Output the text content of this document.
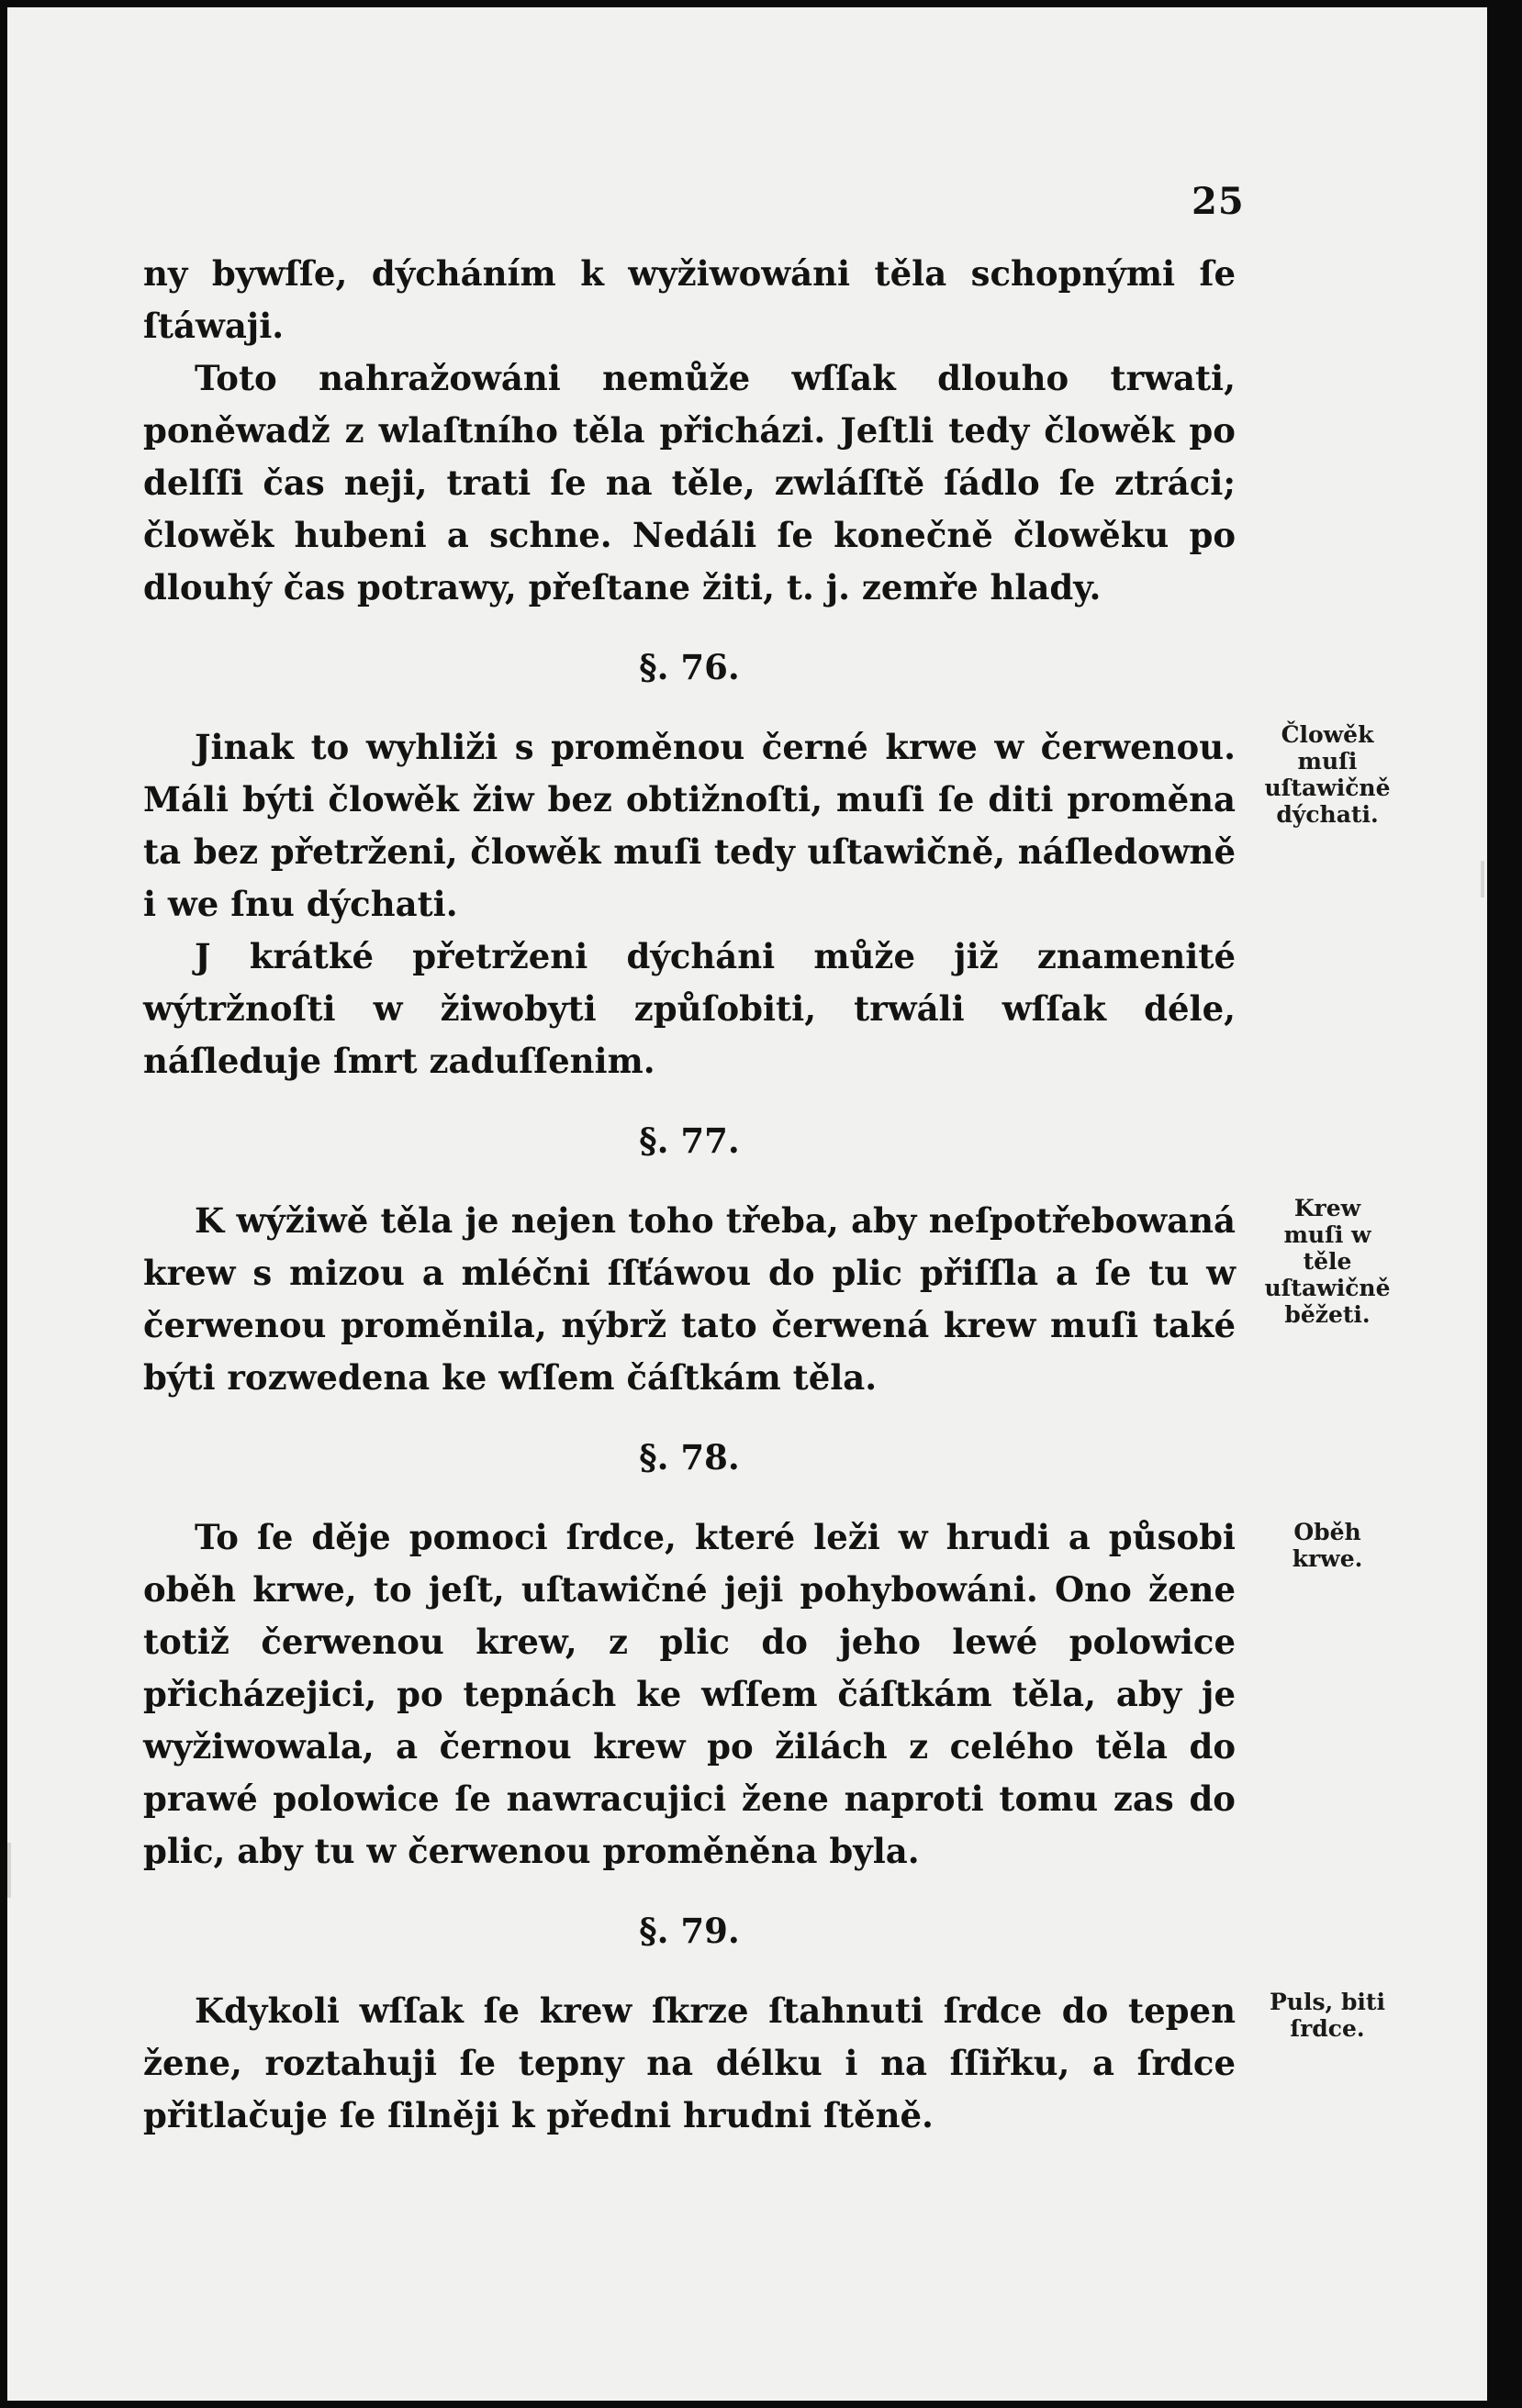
25

ny bywſſe, dýcháním k wyžiwowáni těla schopnými ſe ſtáwaji.

Toto nahražowáni nemůže wſſak dlouho trwati, poněwadž z wlaſtního těla přicházi. Jeſtli tedy člowěk po delſſi čas neji, trati ſe na těle, zwláſſtě ſádlo ſe ztráci; člowěk hubeni a schne. Nedáli ſe konečně člowěku po dlouhý čas potrawy, přeſtane žiti, t. j. zemře hlady.

§. 76.
Člowěk muſi uſtawičně dýchati.

Jinak to wyhliži s proměnou černé krwe w čerwenou. Máli býti člowěk žiw bez obtižnoſti, muſi ſe diti proměna ta bez přetrženi, člowěk muſi tedy uſtawičně, náſledowně i we ſnu dýchati.

J krátké přetrženi dýcháni může již znamenité wýtržnoſti w žiwobyti způſobiti, trwáli wſſak déle, náſleduje ſmrt zaduſſenim.

§. 77.
Krew muſi w těle uſtawičně běžeti.

K wýžiwě těla je nejen toho třeba, aby neſpotřebowaná krew s mizou a mléčni ſſťáwou do plic přiſſla a ſe tu w čerwenou proměnila, nýbrž tato čerwená krew muſi také býti rozwedena ke wſſem čáſtkám těla.

§. 78.
Oběh krwe.

To ſe děje pomoci ſrdce, které leži w hrudi a působi oběh krwe, to jeſt, uſtawičné jeji pohybowáni. Ono žene totiž čerwenou krew, z plic do jeho lewé polowice přicházejici, po tepnách ke wſſem čáſtkám těla, aby je wyžiwowala, a černou krew po žilách z celého těla do prawé polowice ſe nawracujici žene naproti tomu zas do plic, aby tu w čerwenou proměněna byla.

§. 79.
Puls, biti ſrdce.

Kdykoli wſſak ſe krew ſkrze ſtahnuti ſrdce do tepen žene, roztahuji ſe tepny na délku i na ſſiřku, a ſrdce přitlačuje ſe ſilněji k předni hrudni ſtěně.
